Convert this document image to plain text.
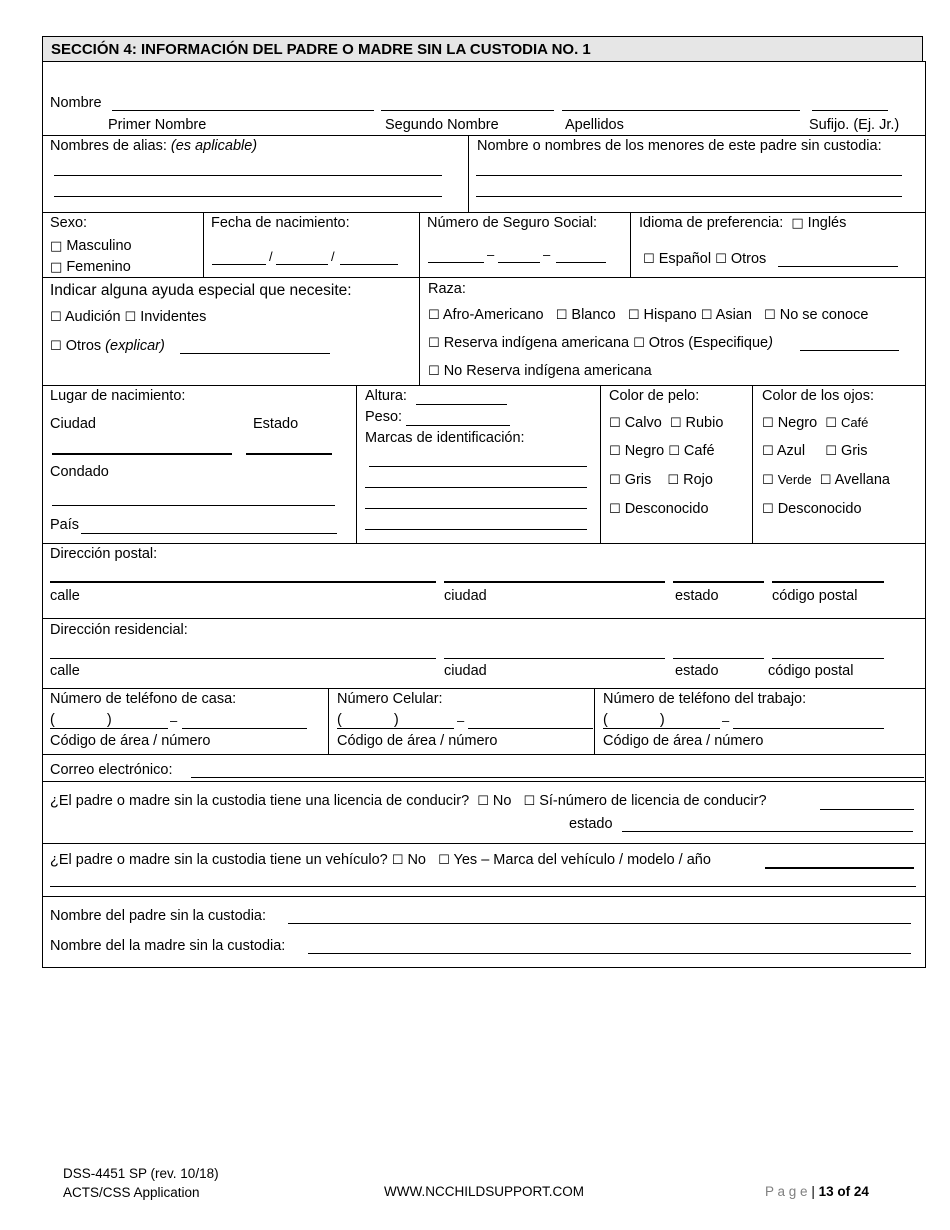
SECCIÓN 4: INFORMACIÓN DEL PADRE O MADRE SIN LA CUSTODIA NO. 1
Nombre
Primer Nombre	Segundo Nombre	Apellidos	Sufijo. (Ej. Jr.)
Nombres de alias: (es aplicable)	Nombre o nombres de los menores de este padre sin custodia:
Sexo:
□ Masculino
□ Femenino
Fecha de nacimiento:
/	/
Número de Seguro Social:
–	–
Idioma de preferencia: □ Inglés
☐ Español ☐ Otros
Indicar alguna ayuda especial que necesite:
☐ Audición ☐ Invidentes
☐ Otros (explicar)
Raza:
☐ Afro-Americano ☐ Blanco ☐ Hispano ☐ Asian ☐ No se conoce
☐ Reserva indígena americana ☐ Otros (Especifique)
☐ No Reserva indígena americana
Lugar de nacimiento:
Ciudad	Estado
Condado
País
Altura:
Peso:
Marcas de identificación:
Color de pelo:
☐ Calvo ☐ Rubio
☐ Negro ☐ Café
☐ Gris ☐ Rojo
☐ Desconocido
Color de los ojos:
☐ Negro ☐ Café
☐ Azul ☐ Gris
☐ Verde ☐ Avellana
☐ Desconocido
Dirección postal:
calle	ciudad	estado	código postal
Dirección residencial:
calle	ciudad	estado	código postal
Número de teléfono de casa:
(	)	–
Código de área / número
Número Celular:
(	)	–
Código de área / número
Número de teléfono del trabajo:
(	)	–
Código de área / número
Correo electrónico:
¿El padre o madre sin la custodia tiene una licencia de conducir? ☐ No ☐ Sí-número de licencia de conducir?
estado
¿El padre o madre sin la custodia tiene un vehículo? ☐ No ☐ Yes – Marca del vehículo / modelo / año
Nombre del padre sin la custodia:
Nombre del la madre sin la custodia:
DSS-4451 SP (rev. 10/18)
ACTS/CSS Application	WWW.NCCHILDSUPPORT.COM	P a g e | 13 of 24
